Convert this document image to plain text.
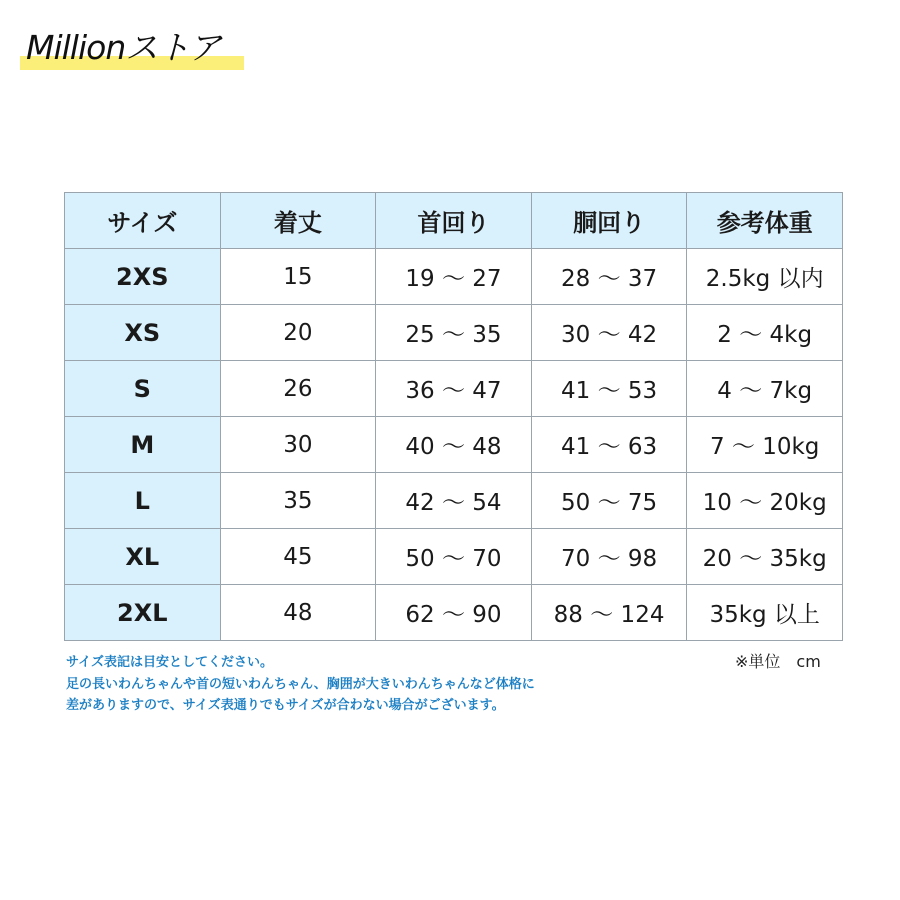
Millionストア
サイズ	着丈	首回り	胴回り	参考体重
2XS	15	19 〜 27	28 〜 37	2.5kg 以内
XS	20	25 〜 35	30 〜 42	2 〜 4kg
S	26	36 〜 47	41 〜 53	4 〜 7kg
M	30	40 〜 48	41 〜 63	7 〜 10kg
L	35	42 〜 54	50 〜 75	10 〜 20kg
XL	45	50 〜 70	70 〜 98	20 〜 35kg
2XL	48	62 〜 90	88 〜 124	35kg 以上
サイズ表記は目安としてください。
足の長いわんちゃんや首の短いわんちゃん、胸囲が大きいわんちゃんなど体格に
差がありますので、サイズ表通りでもサイズが合わない場合がございます。
※単位　cm
